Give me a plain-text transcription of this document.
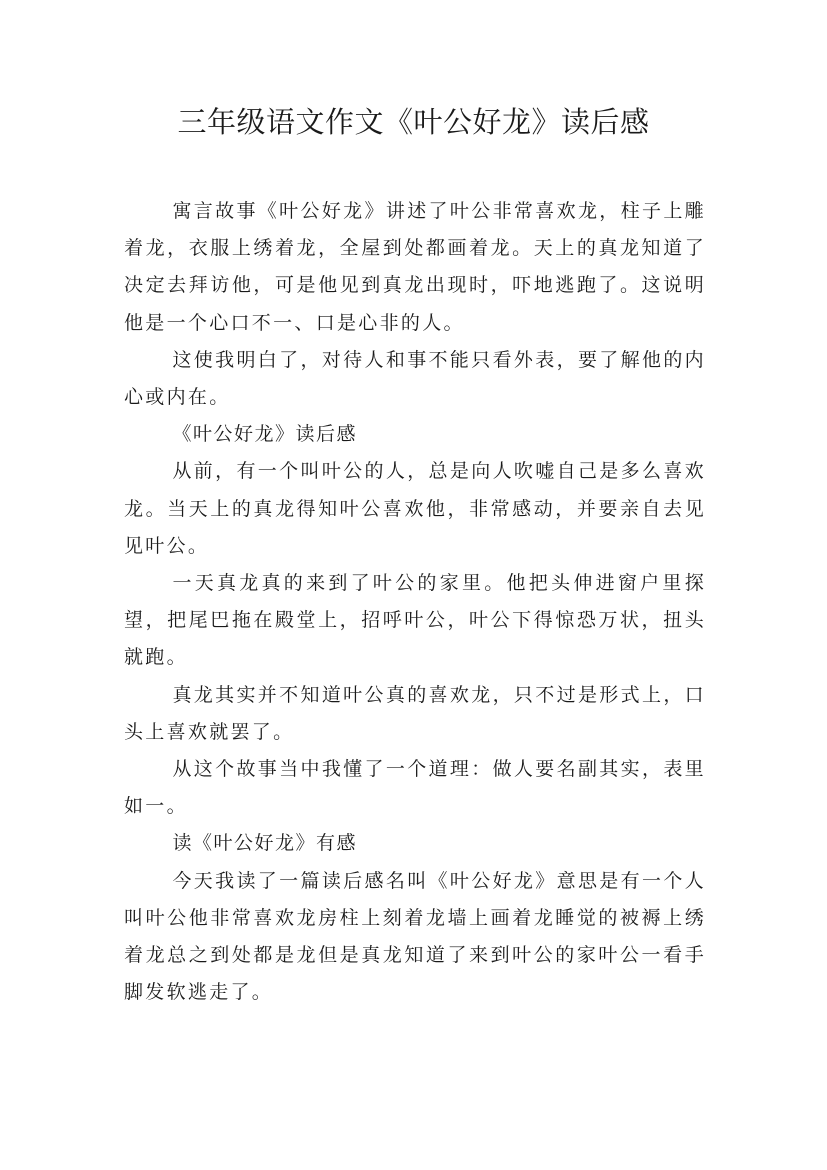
三年级语文作文《叶公好龙》读后感

寓言故事《叶公好龙》讲述了叶公非常喜欢龙，柱子上雕着龙，衣服上绣着龙，全屋到处都画着龙。天上的真龙知道了决定去拜访他，可是他见到真龙出现时，吓地逃跑了。这说明他是一个心口不一、口是心非的人。

这使我明白了，对待人和事不能只看外表，要了解他的内心或内在。

《叶公好龙》读后感

从前，有一个叫叶公的人，总是向人吹嘘自己是多么喜欢龙。当天上的真龙得知叶公喜欢他，非常感动，并要亲自去见见叶公。

一天真龙真的来到了叶公的家里。他把头伸进窗户里探望，把尾巴拖在殿堂上，招呼叶公，叶公下得惊恐万状，扭头就跑。

真龙其实并不知道叶公真的喜欢龙，只不过是形式上，口头上喜欢就罢了。

从这个故事当中我懂了一个道理：做人要名副其实，表里如一。

读《叶公好龙》有感

今天我读了一篇读后感名叫《叶公好龙》意思是有一个人叫叶公他非常喜欢龙房柱上刻着龙墙上画着龙睡觉的被褥上绣着龙总之到处都是龙但是真龙知道了来到叶公的家叶公一看手脚发软逃走了。
